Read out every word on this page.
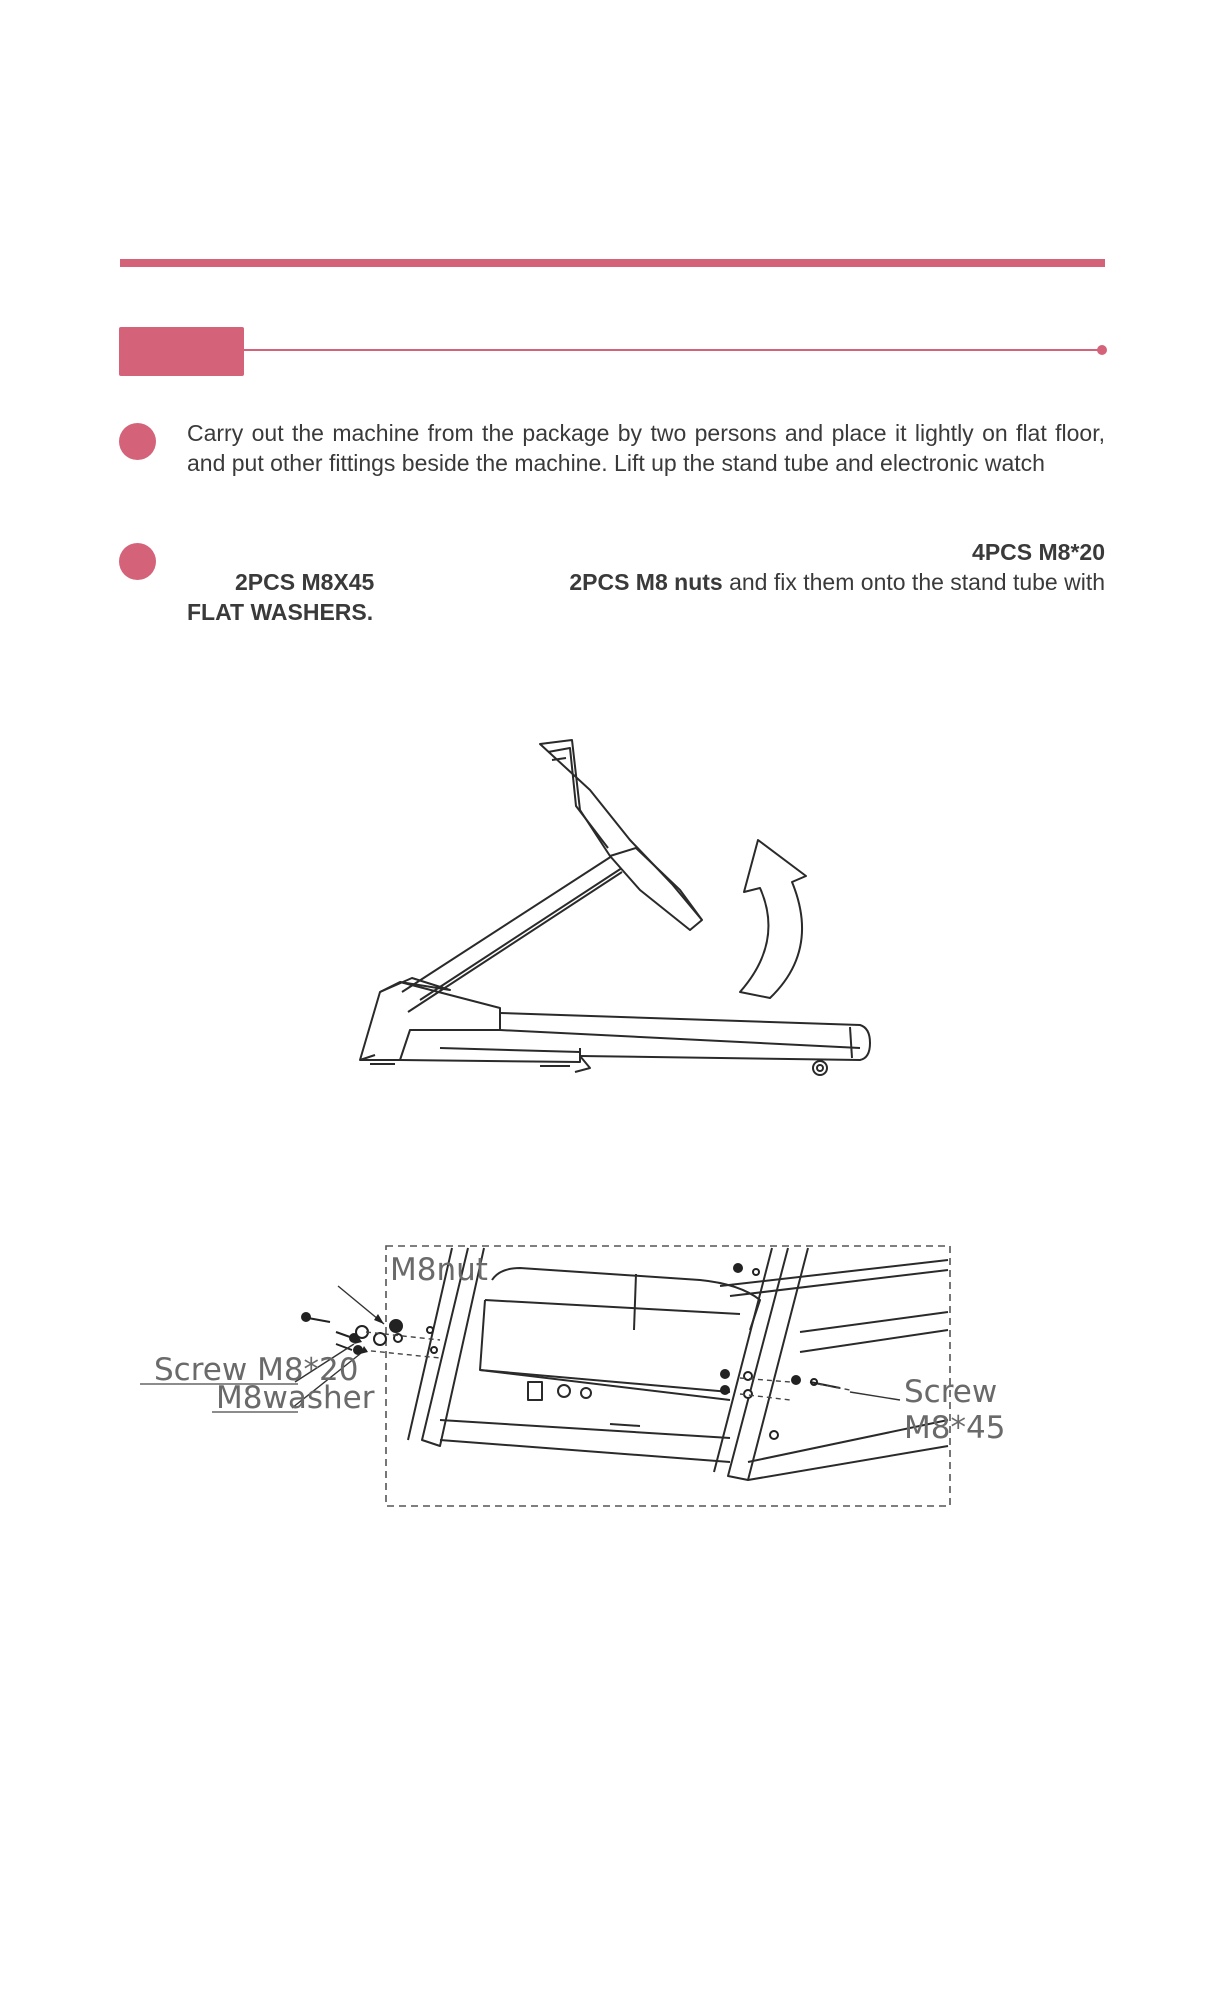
Carry out the machine from the package by two persons and place it lightly on flat floor, and put other fittings beside the machine. Lift up the stand tube and electronic watch

4PCS M8*20
2PCS M8X45	2PCS M8 nuts and fix them onto the stand tube with
FLAT WASHERS.
M8nut
Screw M8*20
M8washer	Screw
M8*45
